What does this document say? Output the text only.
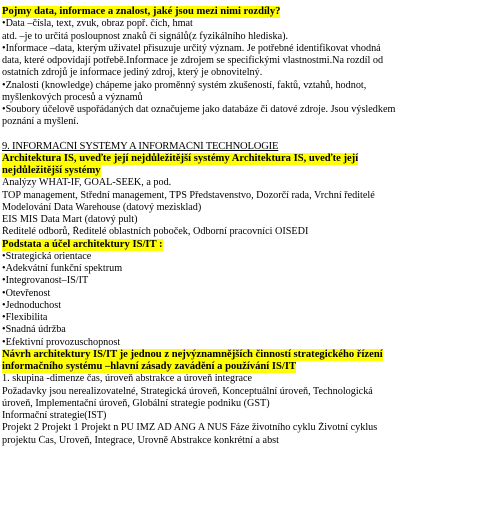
Pojmy data, informace a znalost, jaké jsou mezi nimi rozdíly?
• Data –čísla, text, zvuk, obraz popř. čích, hmat
atd. –je to určitá posloupnost znaků či signálů(z fyzikálního hlediska).
• Informace –data, kterým uživatel přisuzuje určitý význam. Je potřebné identifikovat vhodná
data, které odpovídají potřebě.Informace je zdrojem se specifickými vlastnostmi.Na rozdíl od
ostatních zdrojů je informace jediný zdroj, který je obnovitelný.
• Znalosti (knowledge) chápeme jako proměnný systém zkušeností, faktů, vztahů, hodnot,
myšlenkových procesů a významů
• Soubory účelově uspořádaných dat označujeme jako databáze či datové zdroje. Jsou výsledkem
poznání a myšlení.
9. INFORMAČNÍ SYSTÉMY A INFORMAČNÍ TECHNOLOGIE
Architektura IS, uveďte její nejdůležitější systémy Architektura IS, uveďte její
nejdůležitější systémy
Analýzy WHAT-IF, GOAL-SEEK, a pod.
TOP management, Střední management, TPS Představenstvo, Dozorčí rada, Vrchní ředitelé
Modelování Data Warehouse (datový mezisklad)
EIS MIS Data Mart (datový pult)
Ředitelé odborů, Ředitelé oblastních poboček, Odborní pracovníci OISEDI
Podstata a účel architektury IS/IT :
• Strategická orientace
• Adekvátní funkční spektrum
• Integrovanost–IS/IT
• Otevřenost
• Jednoduchost
• Flexibilita
• Snadná údržba
• Efektivní provozuschopnost
Návrh architektury IS/IT je jednou z nejvýznamnějších činností strategického řízení
informačního systému –hlavní zásady zavádění a používání IS/IT
1. skupina -dimenze čas, úroveň abstrakce a úroveň integrace
Požadavky jsou nerealizovatelné, Strategická úroveň, Konceptuální úroveň, Technologická
úroveň, Implementační úroveň, Globální strategie podniku (GST)
Informační strategie(IST)
Projekt 2 Projekt 1 Projekt n PÚ IMZ AD ANG A NUS Fáze životního cyklu Životní cyklus
projektu Čas, Úroveň, Integrace, Úrovně Abstrakce konkrétní a abst
